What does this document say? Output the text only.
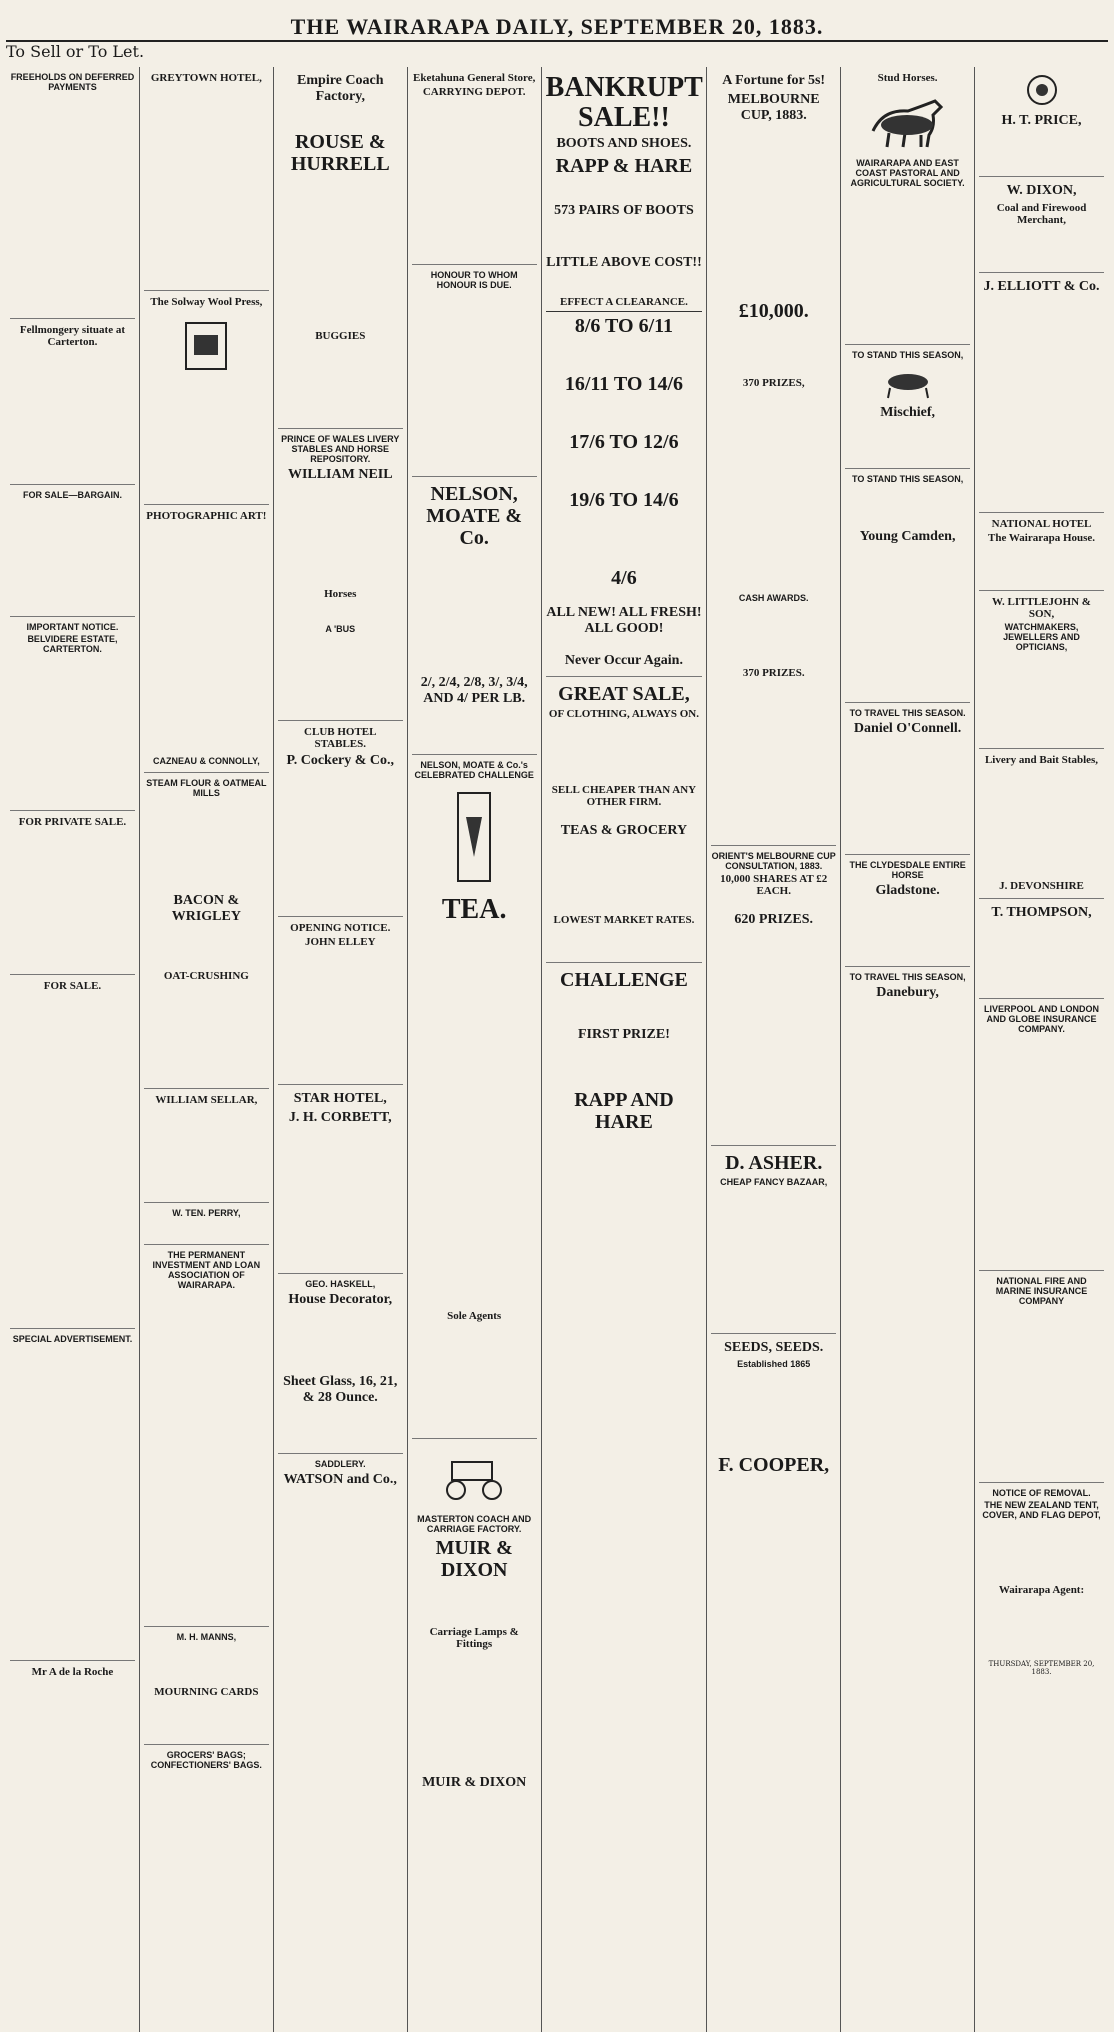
THE WAIRARAPA DAILY, SEPTEMBER 20, 1883.
To Sell or To Let.
FREEHOLDS ON DEFERRED PAYMENTS

Fellmongery situate at Carterton.
FOR SALE—BARGAIN.
IMPORTANT NOTICE.
BELVIDERE ESTATE, CARTERTON.
FOR PRIVATE SALE.
FOR SALE.
SPECIAL ADVERTISEMENT.
Mr A de la Roche
GREYTOWN HOTEL,
The Solway Wool Press,
PHOTOGRAPHIC ART!
CAZNEAU & CONNOLLY,
STEAM FLOUR & OATMEAL MILLS
BACON & WRIGLEY
OAT-CRUSHING
WILLIAM SELLAR,
W. TEN. PERRY,
THE PERMANENT INVESTMENT AND LOAN ASSOCIATION OF WAIRARAPA.
M. H. MANNS,
MOURNING CARDS
GROCERS' BAGS; CONFECTIONERS' BAGS.
Empire Coach Factory,
ROUSE & HURRELL
BUGGIES
PRINCE OF WALES LIVERY STABLES AND HORSE REPOSITORY.
WILLIAM NEIL
Horses
A 'BUS
CLUB HOTEL STABLES.
P. Cockery & Co.,
OPENING NOTICE.
JOHN ELLEY
STAR HOTEL,
J. H. CORBETT,
GEO. HASKELL,
House Decorator,
Sheet Glass, 16, 21, & 28 Ounce.
SADDLERY.
WATSON and Co.,
Eketahuna General Store,
CARRYING DEPOT.
HONOUR TO WHOM HONOUR IS DUE.
NELSON, MOATE & Co.
2/, 2/4, 2/8, 3/, 3/4, AND 4/ PER LB.
NELSON, MOATE & Co.'s CELEBRATED CHALLENGE
TEA.
Sole Agents
MASTERTON COACH AND CARRIAGE FACTORY.
MUIR & DIXON
Carriage Lamps & Fittings
MUIR & DIXON
BANKRUPT SALE!!
BOOTS AND SHOES.
RAPP & HARE
573 PAIRS OF BOOTS
LITTLE ABOVE COST!!
EFFECT A CLEARANCE.
8/6 TO 6/11
16/11 TO 14/6
17/6 TO 12/6
19/6 TO 14/6
4/6
ALL NEW! ALL FRESH! ALL GOOD!
Never Occur Again.
GREAT SALE,
OF CLOTHING, ALWAYS ON.
SELL CHEAPER THAN ANY OTHER FIRM.
TEAS & GROCERY
LOWEST MARKET RATES.
CHALLENGE
FIRST PRIZE!
RAPP AND HARE
A Fortune for 5s!
MELBOURNE CUP, 1883.
£10,000.
370 PRIZES,
CASH AWARDS.
370 PRIZES.
ORIENT'S MELBOURNE CUP CONSULTATION, 1883.
10,000 SHARES AT £2 EACH.
620 PRIZES.
D. ASHER.
CHEAP FANCY BAZAAR,
SEEDS, SEEDS.
Established 1865
F. COOPER,
Stud Horses.
WAIRARAPA AND EAST COAST PASTORAL AND AGRICULTURAL SOCIETY.
TO STAND THIS SEASON,
Mischief,
TO STAND THIS SEASON,
Young Camden,
TO TRAVEL THIS SEASON.
Daniel O'Connell.
THE CLYDESDALE ENTIRE HORSE
Gladstone.
TO TRAVEL THIS SEASON,
Danebury,
H. T. PRICE,
W. DIXON,
Coal and Firewood Merchant,
J. ELLIOTT & Co.
NATIONAL HOTEL
The Wairarapa House.
W. LITTLEJOHN & SON,
WATCHMAKERS, JEWELLERS AND OPTICIANS,
Livery and Bait Stables,
J. DEVONSHIRE
T. THOMPSON,
LIVERPOOL AND LONDON AND GLOBE INSURANCE COMPANY.
NATIONAL FIRE AND MARINE INSURANCE COMPANY
NOTICE OF REMOVAL.
THE NEW ZEALAND TENT, COVER, AND FLAG DEPOT,
Wairarapa Agent:

THURSDAY, SEPTEMBER 20, 1883.
